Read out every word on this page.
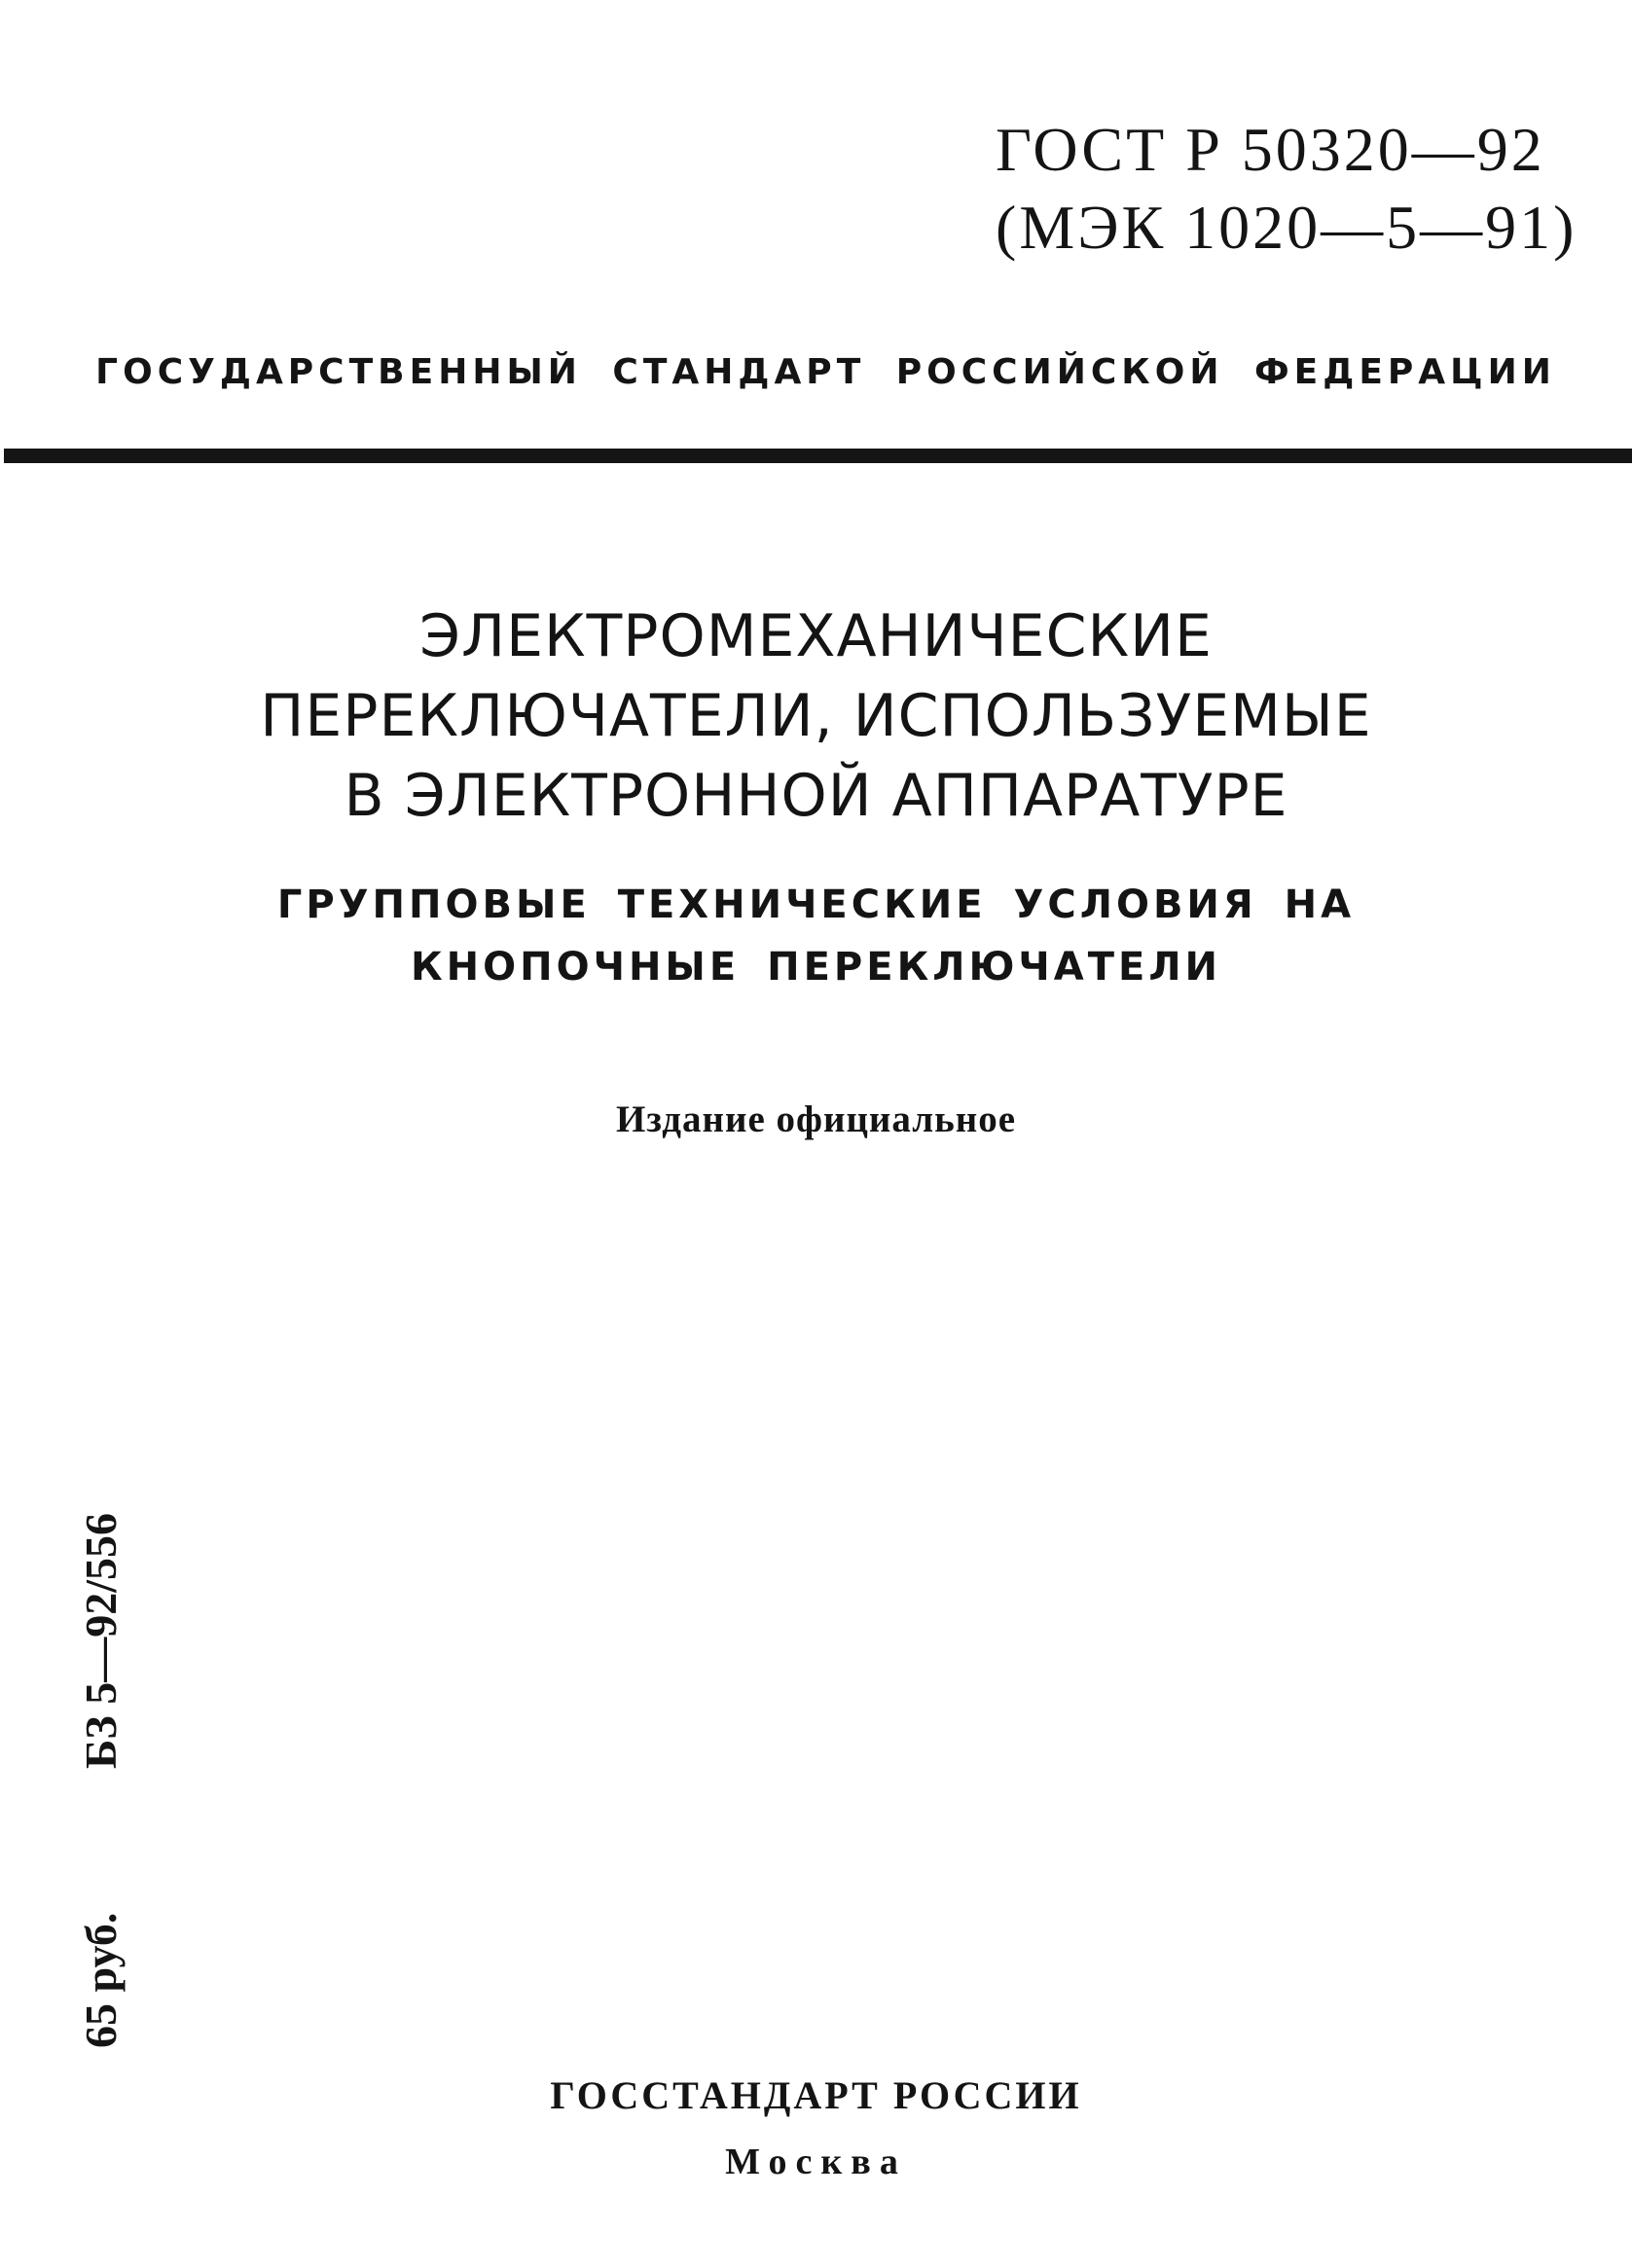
ГОСТ Р 50320—92
(МЭК 1020—5—91)
ГОСУДАРСТВЕННЫЙ СТАНДАРТ РОССИЙСКОЙ ФЕДЕРАЦИИ
ЭЛЕКТРОМЕХАНИЧЕСКИЕ
ПЕРЕКЛЮЧАТЕЛИ, ИСПОЛЬЗУЕМЫЕ
В ЭЛЕКТРОННОЙ АППАРАТУРЕ
ГРУППОВЫЕ ТЕХНИЧЕСКИЕ УСЛОВИЯ НА
КНОПОЧНЫЕ ПЕРЕКЛЮЧАТЕЛИ
Издание официальное
65 руб.
БЗ 5—92/556
ГОССТАНДАРТ РОССИИ
Москва
